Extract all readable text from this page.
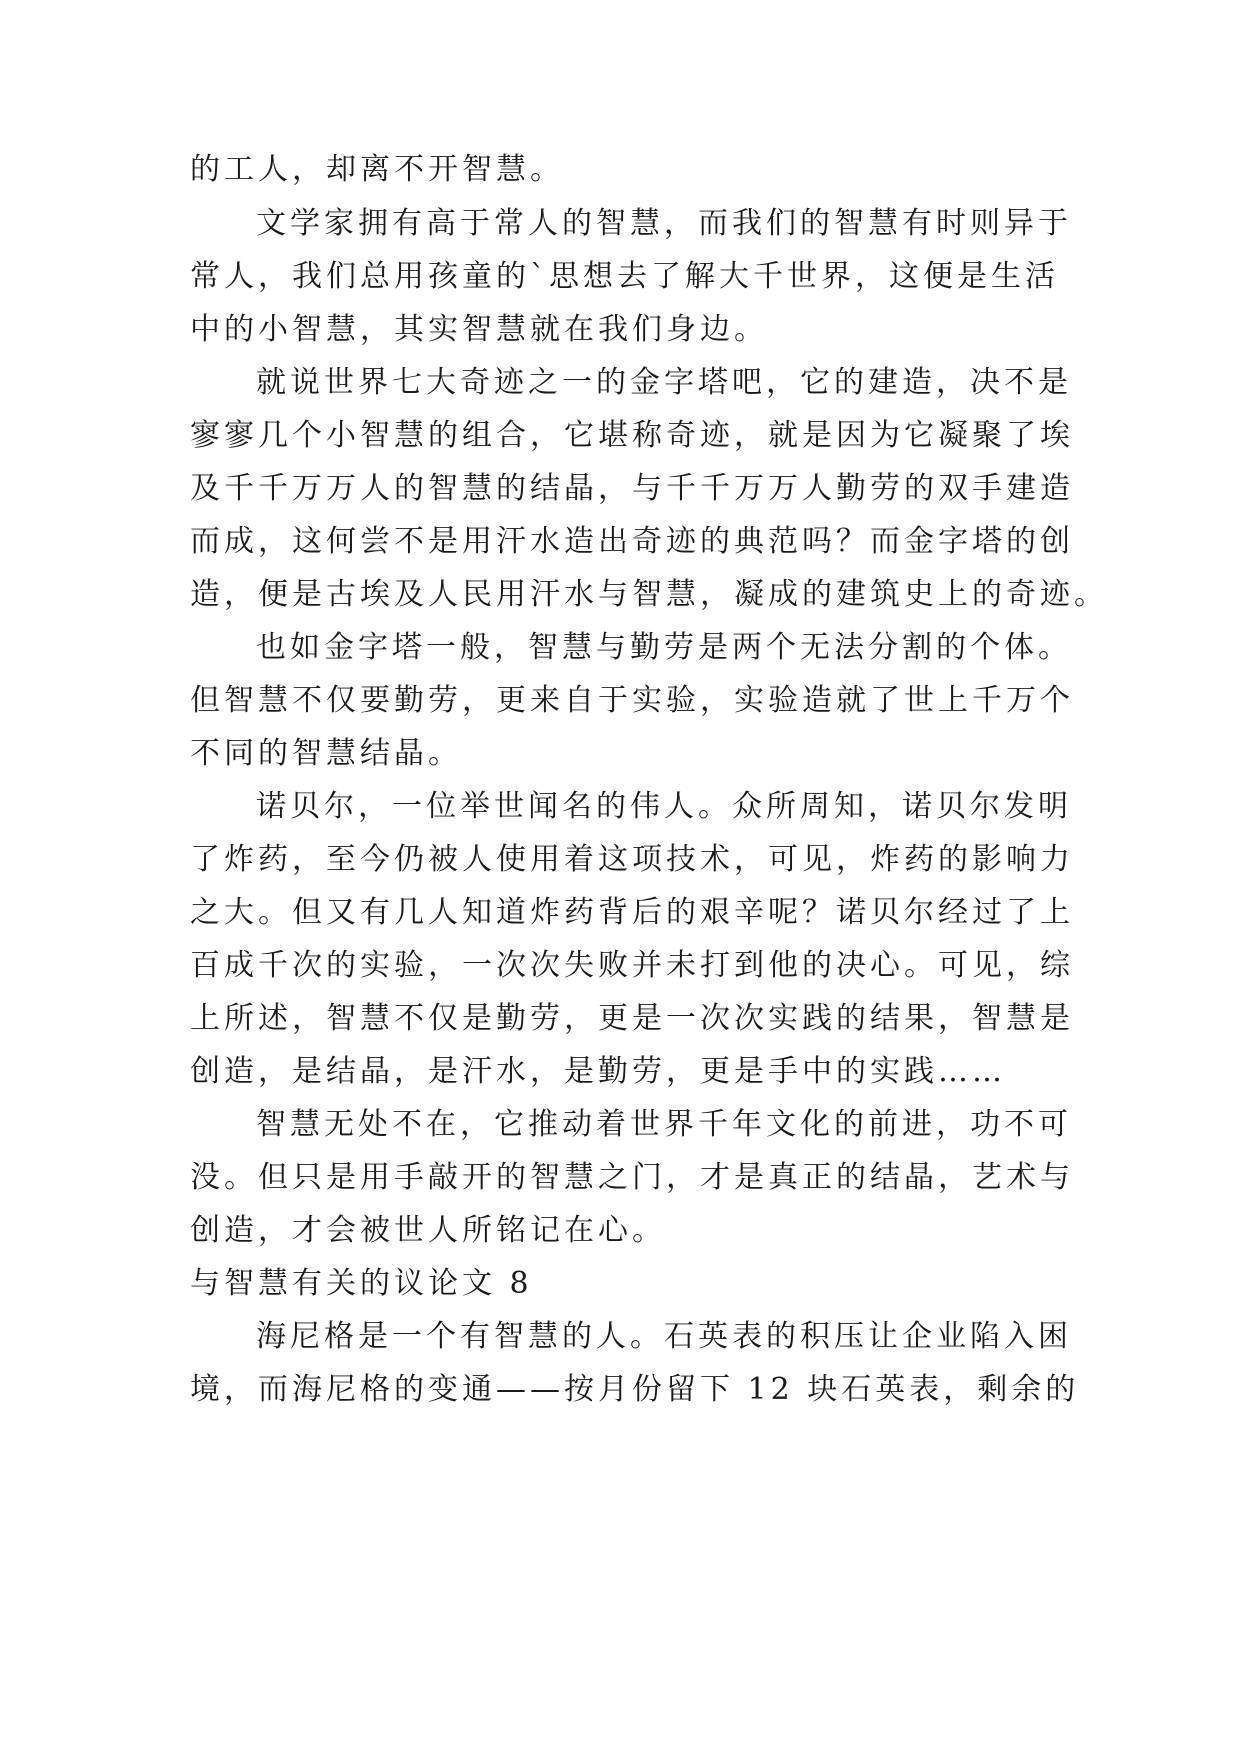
的工人，却离不开智慧。
文学家拥有高于常人的智慧，而我们的智慧有时则异于
常人，我们总用孩童的`思想去了解大千世界，这便是生活
中的小智慧，其实智慧就在我们身边。
就说世界七大奇迹之一的金字塔吧，它的建造，决不是
寥寥几个小智慧的组合，它堪称奇迹，就是因为它凝聚了埃
及千千万万人的智慧的结晶，与千千万万人勤劳的双手建造
而成，这何尝不是用汗水造出奇迹的典范吗？而金字塔的创
造，便是古埃及人民用汗水与智慧，凝成的建筑史上的奇迹。
也如金字塔一般，智慧与勤劳是两个无法分割的个体。
但智慧不仅要勤劳，更来自于实验，实验造就了世上千万个
不同的智慧结晶。
诺贝尔，一位举世闻名的伟人。众所周知，诺贝尔发明
了炸药，至今仍被人使用着这项技术，可见，炸药的影响力
之大。但又有几人知道炸药背后的艰辛呢？诺贝尔经过了上
百成千次的实验，一次次失败并未打到他的决心。可见，综
上所述，智慧不仅是勤劳，更是一次次实践的结果，智慧是
创造，是结晶，是汗水，是勤劳，更是手中的实践……
智慧无处不在，它推动着世界千年文化的前进，功不可
没。但只是用手敲开的智慧之门，才是真正的结晶，艺术与
创造，才会被世人所铭记在心。
与智慧有关的议论文 8
海尼格是一个有智慧的人。石英表的积压让企业陷入困
境，而海尼格的变通——按月份留下 12 块石英表，剩余的
